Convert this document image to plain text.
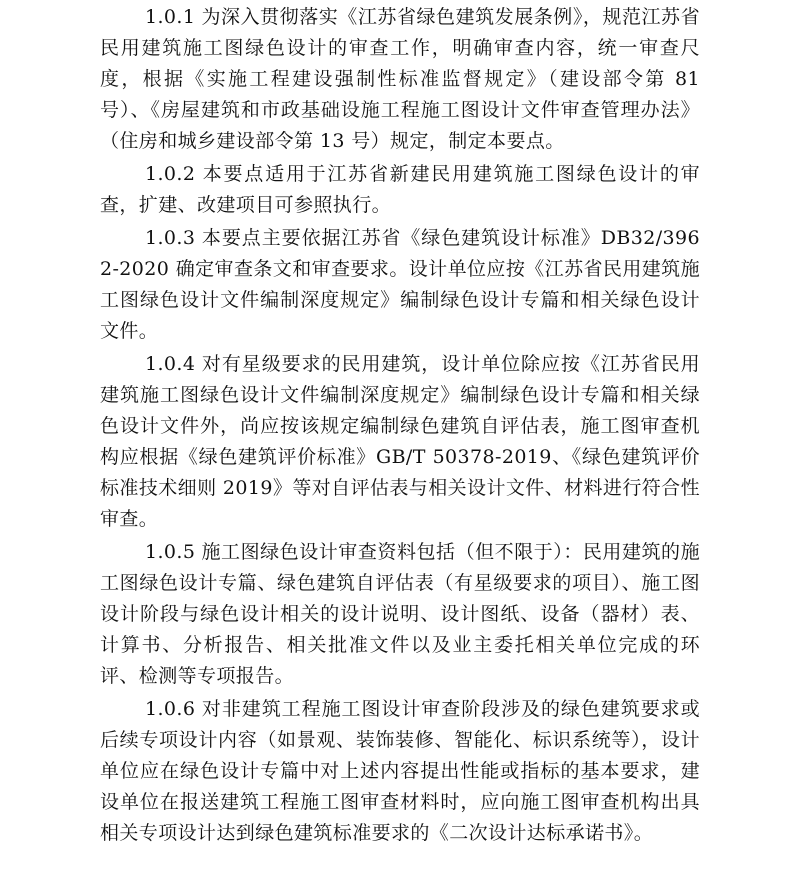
1.0.1 为深入贯彻落实《江苏省绿色建筑发展条例》，规范江苏省民用建筑施工图绿色设计的审查工作，明确审查内容，统一审查尺度，根据《实施工程建设强制性标准监督规定》（建设部令第 81 号）、《房屋建筑和市政基础设施工程施工图设计文件审查管理办法》（住房和城乡建设部令第 13 号）规定，制定本要点。

1.0.2 本要点适用于江苏省新建民用建筑施工图绿色设计的审查，扩建、改建项目可参照执行。

1.0.3 本要点主要依据江苏省《绿色建筑设计标准》DB32/3962-2020 确定审查条文和审查要求。设计单位应按《江苏省民用建筑施工图绿色设计文件编制深度规定》编制绿色设计专篇和相关绿色设计文件。

1.0.4 对有星级要求的民用建筑，设计单位除应按《江苏省民用建筑施工图绿色设计文件编制深度规定》编制绿色设计专篇和相关绿色设计文件外，尚应按该规定编制绿色建筑自评估表，施工图审查机构应根据《绿色建筑评价标准》GB/T 50378-2019、《绿色建筑评价标准技术细则 2019》等对自评估表与相关设计文件、材料进行符合性审查。

1.0.5 施工图绿色设计审查资料包括（但不限于）：民用建筑的施工图绿色设计专篇、绿色建筑自评估表（有星级要求的项目）、施工图设计阶段与绿色设计相关的设计说明、设计图纸、设备（器材）表、计算书、分析报告、相关批准文件以及业主委托相关单位完成的环评、检测等专项报告。

1.0.6 对非建筑工程施工图设计审查阶段涉及的绿色建筑要求或后续专项设计内容（如景观、装饰装修、智能化、标识系统等），设计单位应在绿色设计专篇中对上述内容提出性能或指标的基本要求，建设单位在报送建筑工程施工图审查材料时，应向施工图审查机构出具相关专项设计达到绿色建筑标准要求的《二次设计达标承诺书》。
